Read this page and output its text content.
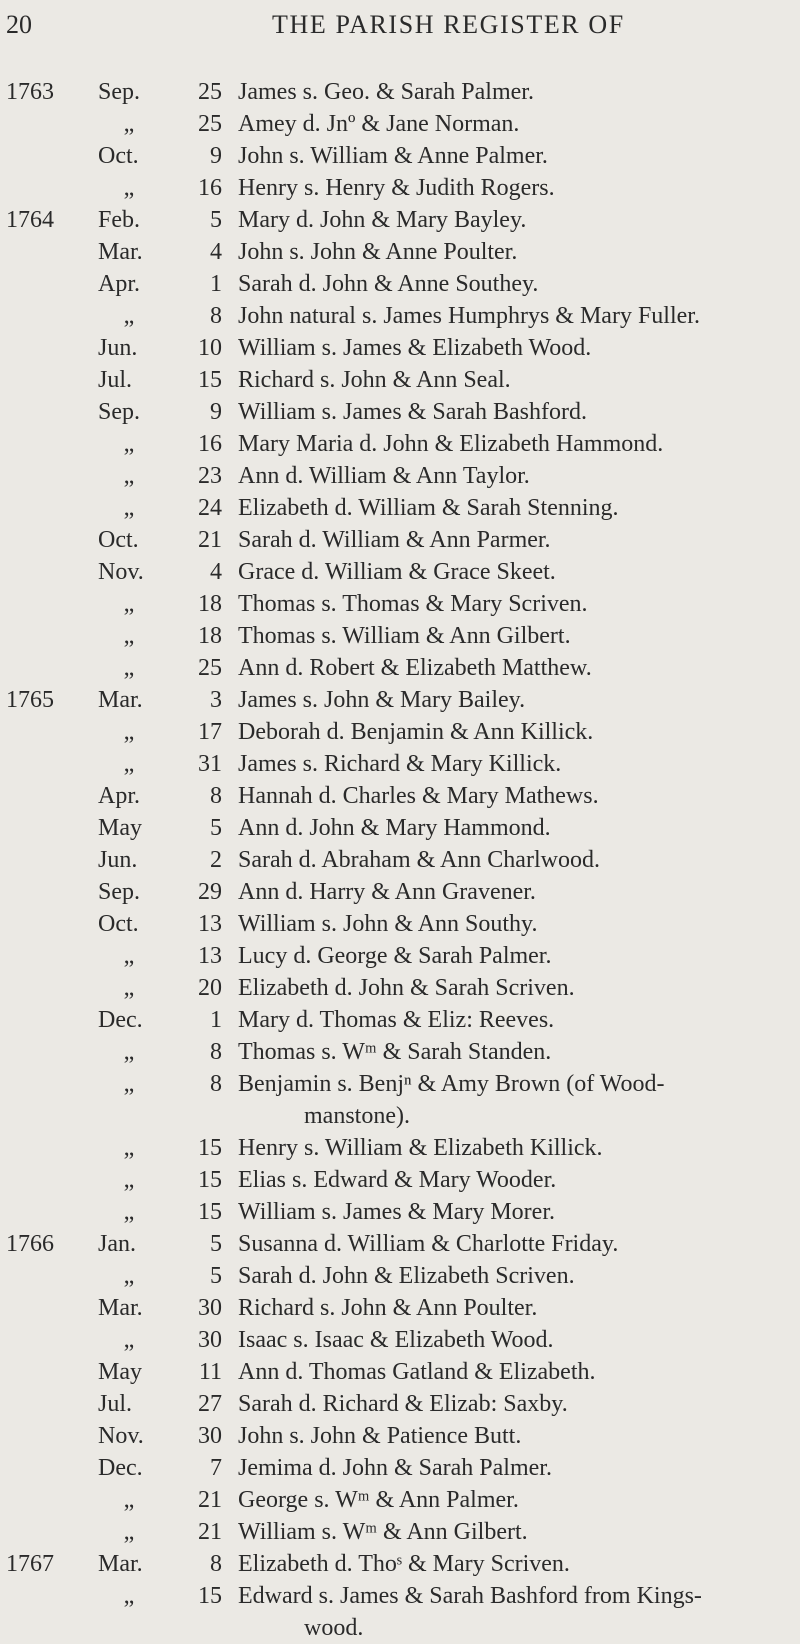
20	THE PARISH REGISTER OF
1763	Sep.	25 James s. Geo. & Sarah Palmer.
„	25 Amey d. Jnº & Jane Norman.
Oct.	9 John s. William & Anne Palmer.
„	16 Henry s. Henry & Judith Rogers.
1764	Feb.	5 Mary d. John & Mary Bayley.
Mar.	4 John s. John & Anne Poulter.
Apr.	1 Sarah d. John & Anne Southey.
„	8 John natural s. James Humphrys & Mary Fuller.
Jun.	10 William s. James & Elizabeth Wood.
Jul.	15 Richard s. John & Ann Seal.
Sep.	9 William s. James & Sarah Bashford.
„	16 Mary Maria d. John & Elizabeth Hammond.
„	23 Ann d. William & Ann Taylor.
„	24 Elizabeth d. William & Sarah Stenning.
Oct.	21 Sarah d. William & Ann Parmer.
Nov.	4 Grace d. William & Grace Skeet.
„	18 Thomas s. Thomas & Mary Scriven.
„	18 Thomas s. William & Ann Gilbert.
„	25 Ann d. Robert & Elizabeth Matthew.
1765	Mar.	3 James s. John & Mary Bailey.
„	17 Deborah d. Benjamin & Ann Killick.
„	31 James s. Richard & Mary Killick.
Apr.	8 Hannah d. Charles & Mary Mathews.
May	5 Ann d. John & Mary Hammond.
Jun.	2 Sarah d. Abraham & Ann Charlwood.
Sep.	29 Ann d. Harry & Ann Gravener.
Oct.	13 William s. John & Ann Southy.
„	13 Lucy d. George & Sarah Palmer.
„	20 Elizabeth d. John & Sarah Scriven.
Dec.	1 Mary d. Thomas & Eliz: Reeves.
„	8 Thomas s. Wᵐ & Sarah Standen.
„	8 Benjamin s. Benjⁿ & Amy Brown (of Wood-
manstone).
„	15 Henry s. William & Elizabeth Killick.
„	15 Elias s. Edward & Mary Wooder.
„	15 William s. James & Mary Morer.
1766	Jan.	5 Susanna d. William & Charlotte Friday.
„	5 Sarah d. John & Elizabeth Scriven.
Mar.	30 Richard s. John & Ann Poulter.
„	30 Isaac s. Isaac & Elizabeth Wood.
May	11 Ann d. Thomas Gatland & Elizabeth.
Jul.	27 Sarah d. Richard & Elizab: Saxby.
Nov.	30 John s. John & Patience Butt.
Dec.	7 Jemima d. John & Sarah Palmer.
„	21 George s. Wᵐ & Ann Palmer.
„	21 William s. Wᵐ & Ann Gilbert.
1767	Mar.	8 Elizabeth d. Thoˢ & Mary Scriven.
„	15 Edward s. James & Sarah Bashford from Kings-
wood.
